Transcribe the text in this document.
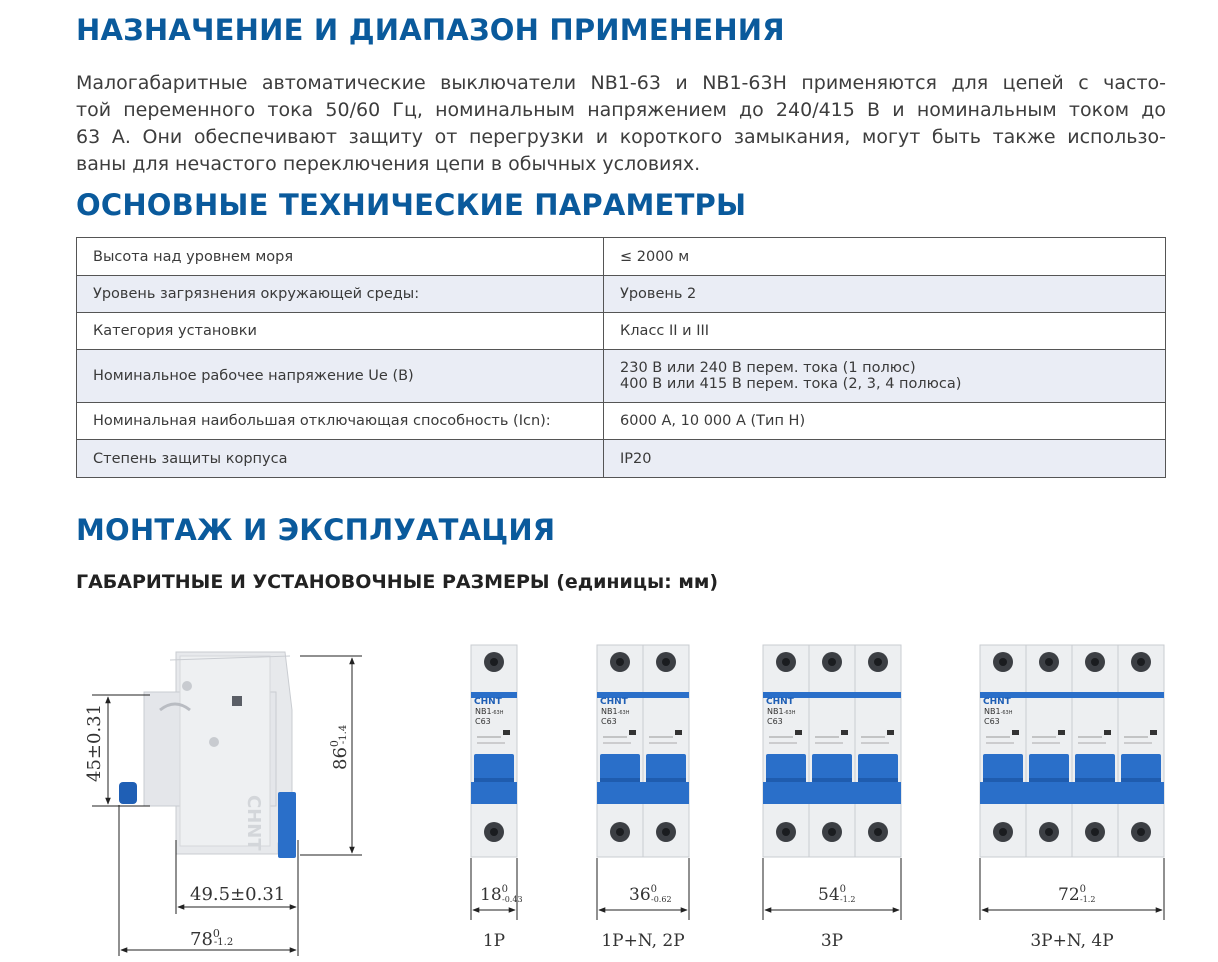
НАЗНАЧЕНИЕ И ДИАПАЗОН ПРИМЕНЕНИЯ
Малогабаритные автоматические выключатели NB1-63 и NB1-63H применяются для цепей с часто-
той переменного тока 50/60 Гц, номинальным напряжением до 240/415 В и номинальным током до
63 А. Они обеспечивают защиту от перегрузки и короткого замыкания, могут быть также использо-
ваны для нечастого переключения цепи в обычных условиях.
ОСНОВНЫЕ ТЕХНИЧЕСКИЕ ПАРАМЕТРЫ
Высота над уровнем моря	≤ 2000 м

Уровень загрязнения окружающей среды:	Уровень 2

Категория установки	Класс II и III

Номинальное рабочее напряжение Ue (В)	230 В или 240 В перем. тока (1 полюс)
400 В или 415 В перем. тока (2, 3, 4 полюса)

Номинальная наибольшая отключающая способность (Icn):	6000 А, 10 000 А (Тип Н)

Степень защиты корпуса	IP20
МОНТАЖ И ЭКСПЛУАТАЦИЯ
ГАБАРИТНЫЕ И УСТАНОВОЧНЫЕ РАЗМЕРЫ (единицы: мм)
CHNT
45±0.31	$86^0-1.4$
49.5±0.31
$78^0$ -1.2
CHNT
NB1-63H
C63
$18^0$ -0.43
1P
CHNT
NB1-63H
C63
$36^0$ -0.62
1P+N, 2P
CHNT
NB1-63H
C63
$54^0$ -1.2
3P
CHNT
NB1-63H
C63
$72^0$ -1.2
3P+N, 4P
